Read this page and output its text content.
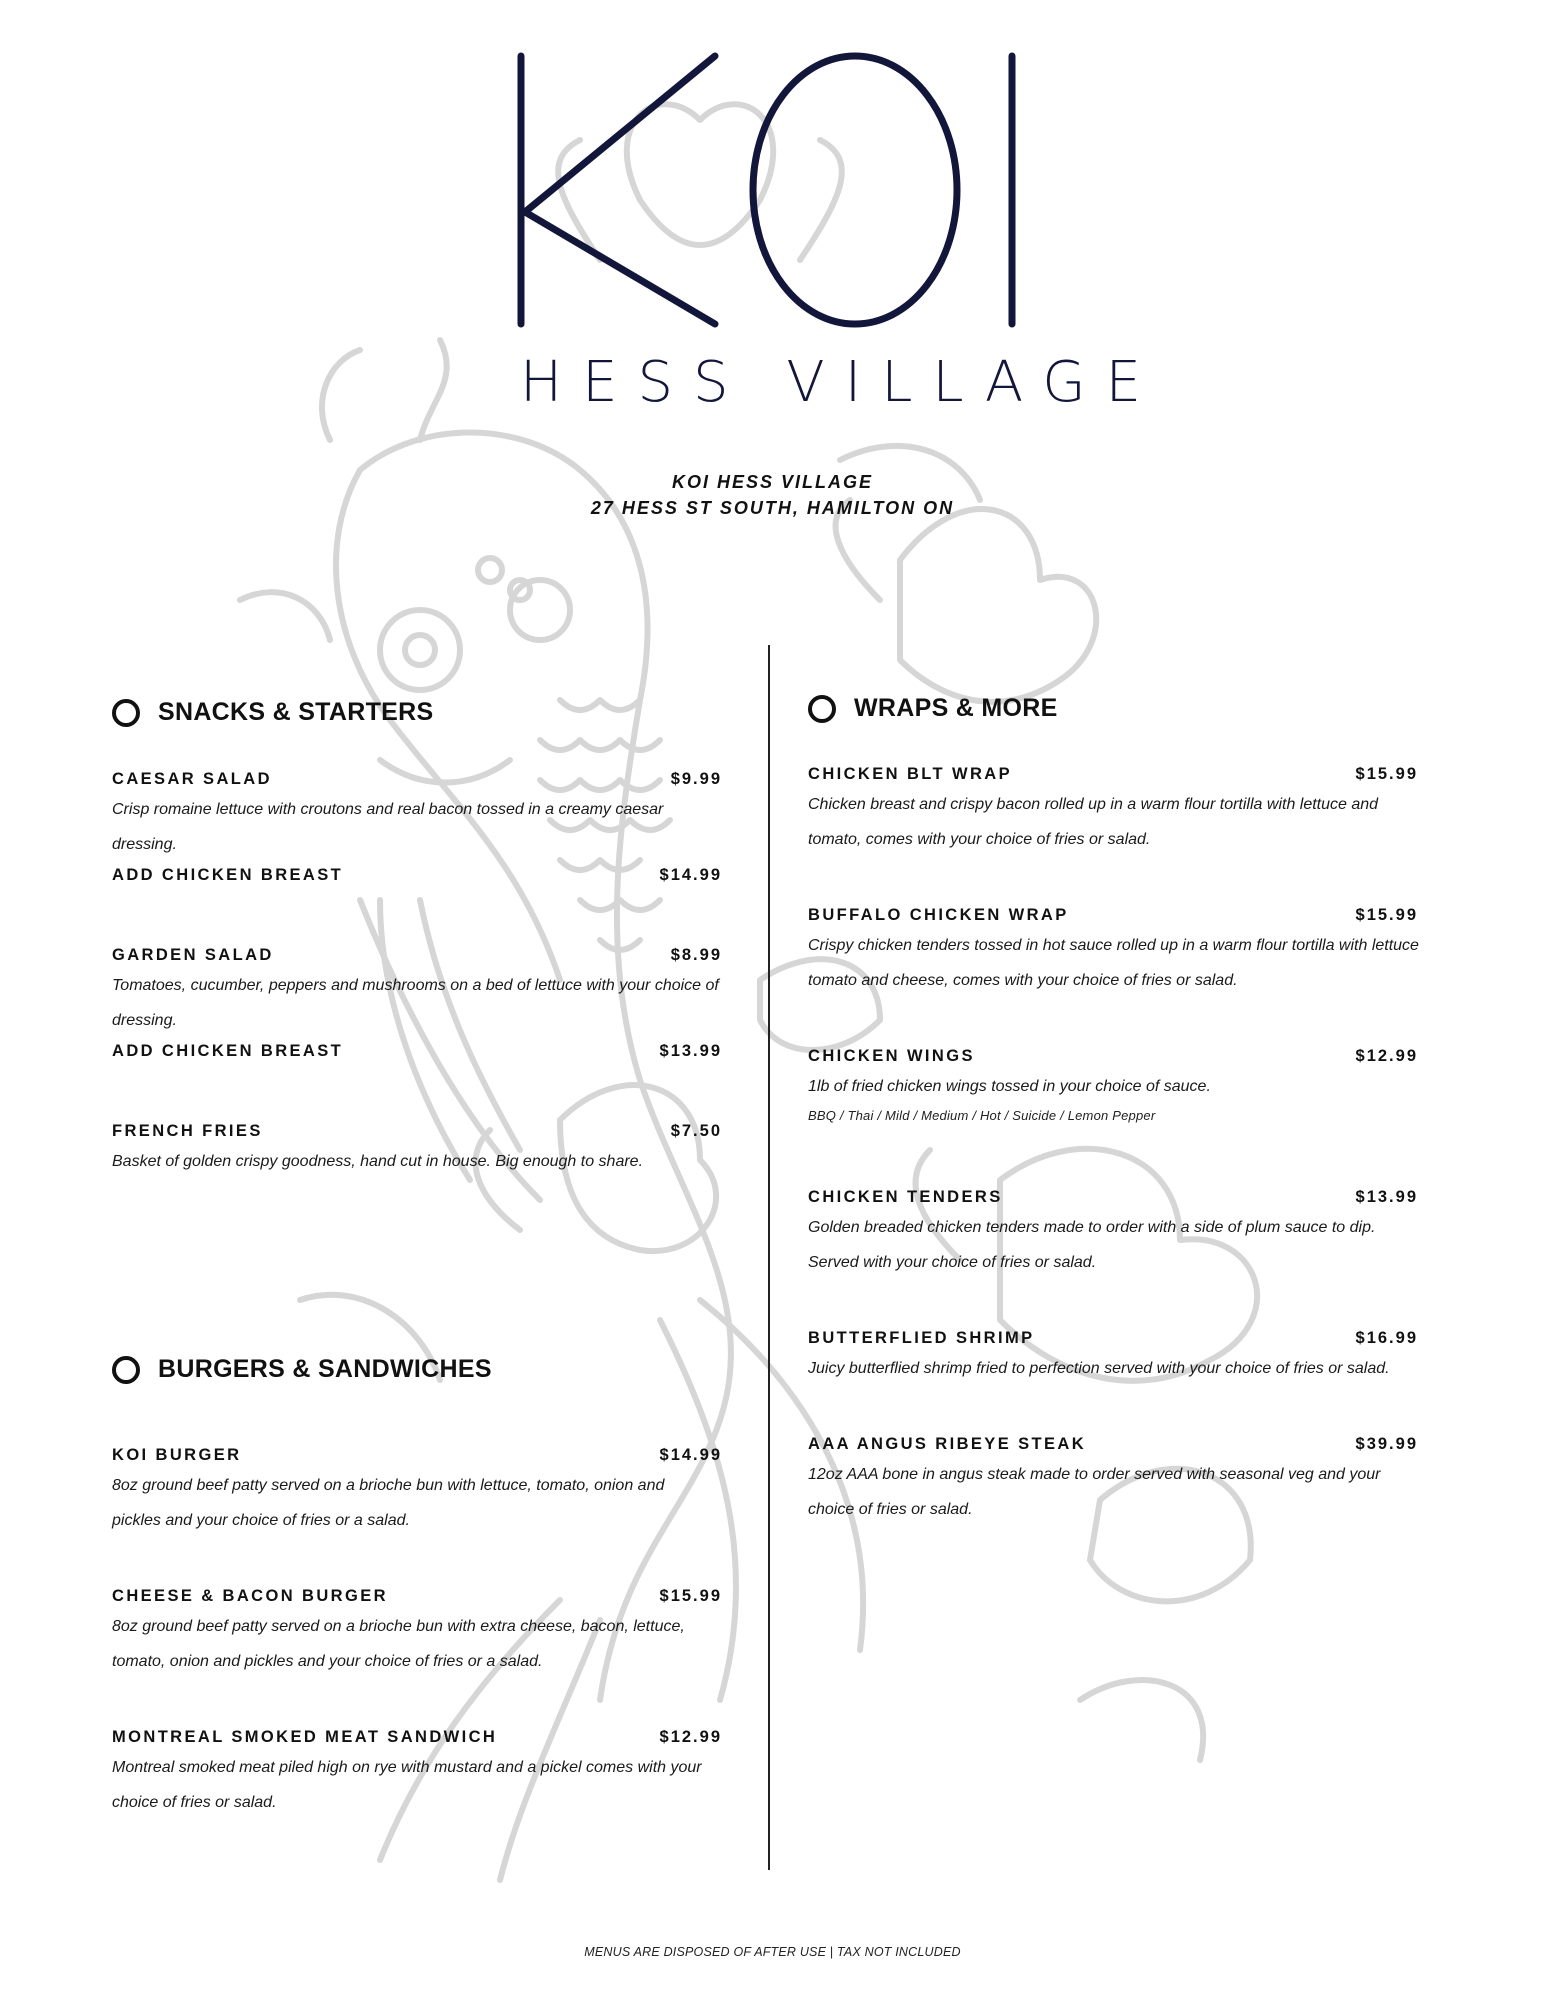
HESS VILLAGE
KOI HESS VILLAGE
27 HESS ST SOUTH, HAMILTON ON
SNACKS & STARTERS
CAESAR SALAD	$9.99
Crisp romaine lettuce with croutons and real bacon tossed in a creamy caesar dressing.
ADD CHICKEN BREAST	$14.99
GARDEN SALAD	$8.99
Tomatoes, cucumber, peppers and mushrooms on a bed of lettuce with your choice of dressing.
ADD CHICKEN BREAST	$13.99
FRENCH FRIES	$7.50
Basket of golden crispy goodness, hand cut in house. Big enough to share.
BURGERS & SANDWICHES
KOI BURGER	$14.99
8oz ground beef patty served on a brioche bun with lettuce, tomato, onion and pickles and your choice of fries or a salad.
CHEESE & BACON BURGER	$15.99
8oz ground beef patty served on a brioche bun with extra cheese, bacon, lettuce, tomato, onion and pickles and your choice of fries or a salad.
MONTREAL SMOKED MEAT SANDWICH	$12.99
Montreal smoked meat piled high on rye with mustard and a pickel comes with your choice of fries or salad.
WRAPS & MORE
CHICKEN BLT WRAP	$15.99
Chicken breast and crispy bacon rolled up in a warm flour tortilla with lettuce and tomato, comes with your choice of fries or salad.
BUFFALO CHICKEN WRAP	$15.99
Crispy chicken tenders tossed in hot sauce rolled up in a warm flour tortilla with lettuce tomato and cheese, comes with your choice of fries or salad.
CHICKEN WINGS	$12.99
1lb of fried chicken wings tossed in your choice of sauce.
BBQ / Thai / Mild / Medium / Hot / Suicide / Lemon Pepper
CHICKEN TENDERS	$13.99
Golden breaded chicken tenders made to order with a side of plum sauce to dip. Served with your choice of fries or salad.
BUTTERFLIED SHRIMP	$16.99
Juicy butterflied shrimp fried to perfection served with your choice of fries or salad.
AAA ANGUS RIBEYE STEAK	$39.99
12oz AAA bone in angus steak made to order served with seasonal veg and your choice of fries or salad.
MENUS ARE DISPOSED OF AFTER USE | TAX NOT INCLUDED
